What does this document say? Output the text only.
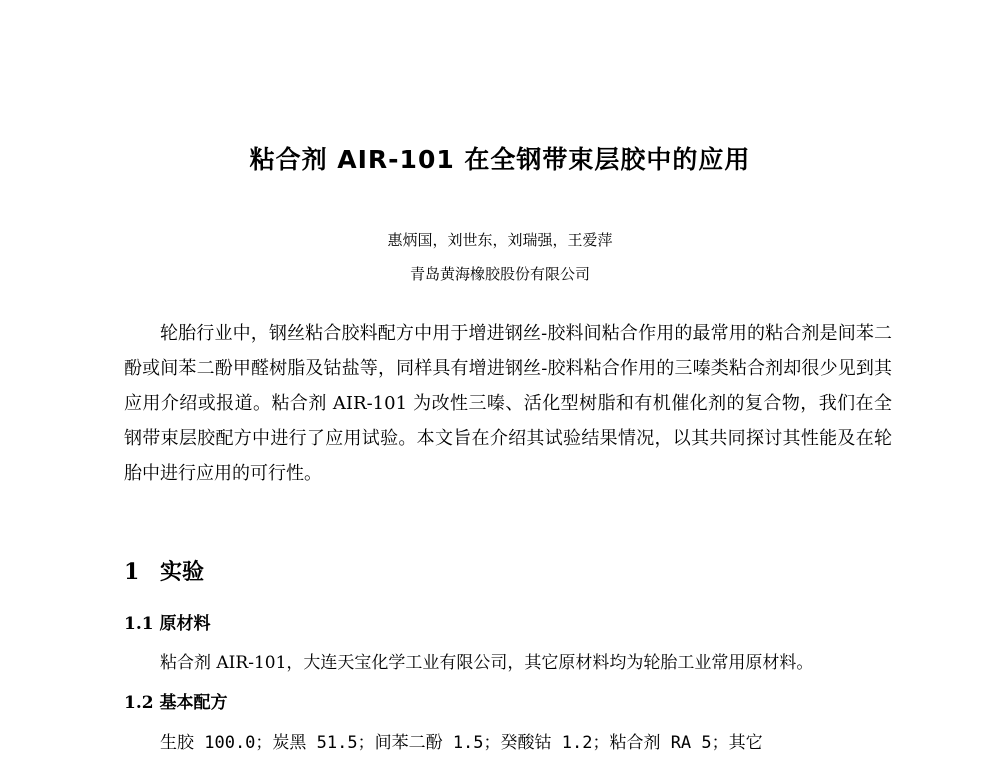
粘合剂 AIR-101 在全钢带束层胶中的应用

惠炳国，刘世东，刘瑞强，王爱萍

青岛黄海橡胶股份有限公司

轮胎行业中，钢丝粘合胶料配方中用于增进钢丝-胶料间粘合作用的最常用的粘合剂是间苯二酚或间苯二酚甲醛树脂及钴盐等，同样具有增进钢丝-胶料粘合作用的三嗪类粘合剂却很少见到其应用介绍或报道。粘合剂 AIR-101 为改性三嗪、活化型树脂和有机催化剂的复合物，我们在全钢带束层胶配方中进行了应用试验。本文旨在介绍其试验结果情况，以其共同探讨其性能及在轮胎中进行应用的可行性。

1 实验
1.1 原材料

粘合剂 AIR-101，大连天宝化学工业有限公司，其它原材料均为轮胎工业常用原材料。

1.2 基本配方

生胶 100.0；炭黑 51.5；间苯二酚 1.5；癸酸钴 1.2；粘合剂 RA 5；其它
